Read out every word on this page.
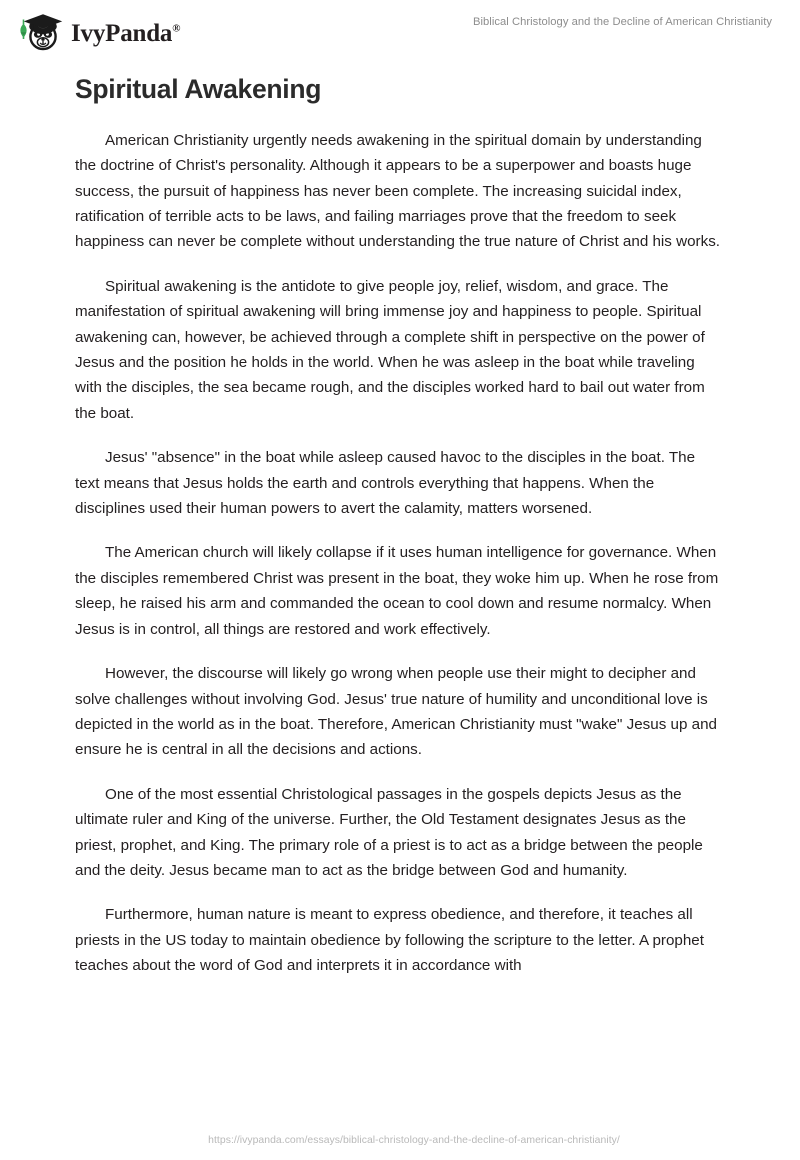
IvyPanda®
Biblical Christology and the Decline of American Christianity
Spiritual Awakening

American Christianity urgently needs awakening in the spiritual domain by understanding the doctrine of Christ's personality. Although it appears to be a superpower and boasts huge success, the pursuit of happiness has never been complete. The increasing suicidal index, ratification of terrible acts to be laws, and failing marriages prove that the freedom to seek happiness can never be complete without understanding the true nature of Christ and his works.

Spiritual awakening is the antidote to give people joy, relief, wisdom, and grace. The manifestation of spiritual awakening will bring immense joy and happiness to people. Spiritual awakening can, however, be achieved through a complete shift in perspective on the power of Jesus and the position he holds in the world. When he was asleep in the boat while traveling with the disciples, the sea became rough, and the disciples worked hard to bail out water from the boat.

Jesus' "absence" in the boat while asleep caused havoc to the disciples in the boat. The text means that Jesus holds the earth and controls everything that happens. When the disciplines used their human powers to avert the calamity, matters worsened.

The American church will likely collapse if it uses human intelligence for governance. When the disciples remembered Christ was present in the boat, they woke him up. When he rose from sleep, he raised his arm and commanded the ocean to cool down and resume normalcy. When Jesus is in control, all things are restored and work effectively.

However, the discourse will likely go wrong when people use their might to decipher and solve challenges without involving God. Jesus' true nature of humility and unconditional love is depicted in the world as in the boat. Therefore, American Christianity must "wake" Jesus up and ensure he is central in all the decisions and actions.

One of the most essential Christological passages in the gospels depicts Jesus as the ultimate ruler and King of the universe. Further, the Old Testament designates Jesus as the priest, prophet, and King. The primary role of a priest is to act as a bridge between the people and the deity. Jesus became man to act as the bridge between God and humanity.

Furthermore, human nature is meant to express obedience, and therefore, it teaches all priests in the US today to maintain obedience by following the scripture to the letter. A prophet teaches about the word of God and interprets it in accordance with

https://ivypanda.com/essays/biblical-christology-and-the-decline-of-american-christianity/
